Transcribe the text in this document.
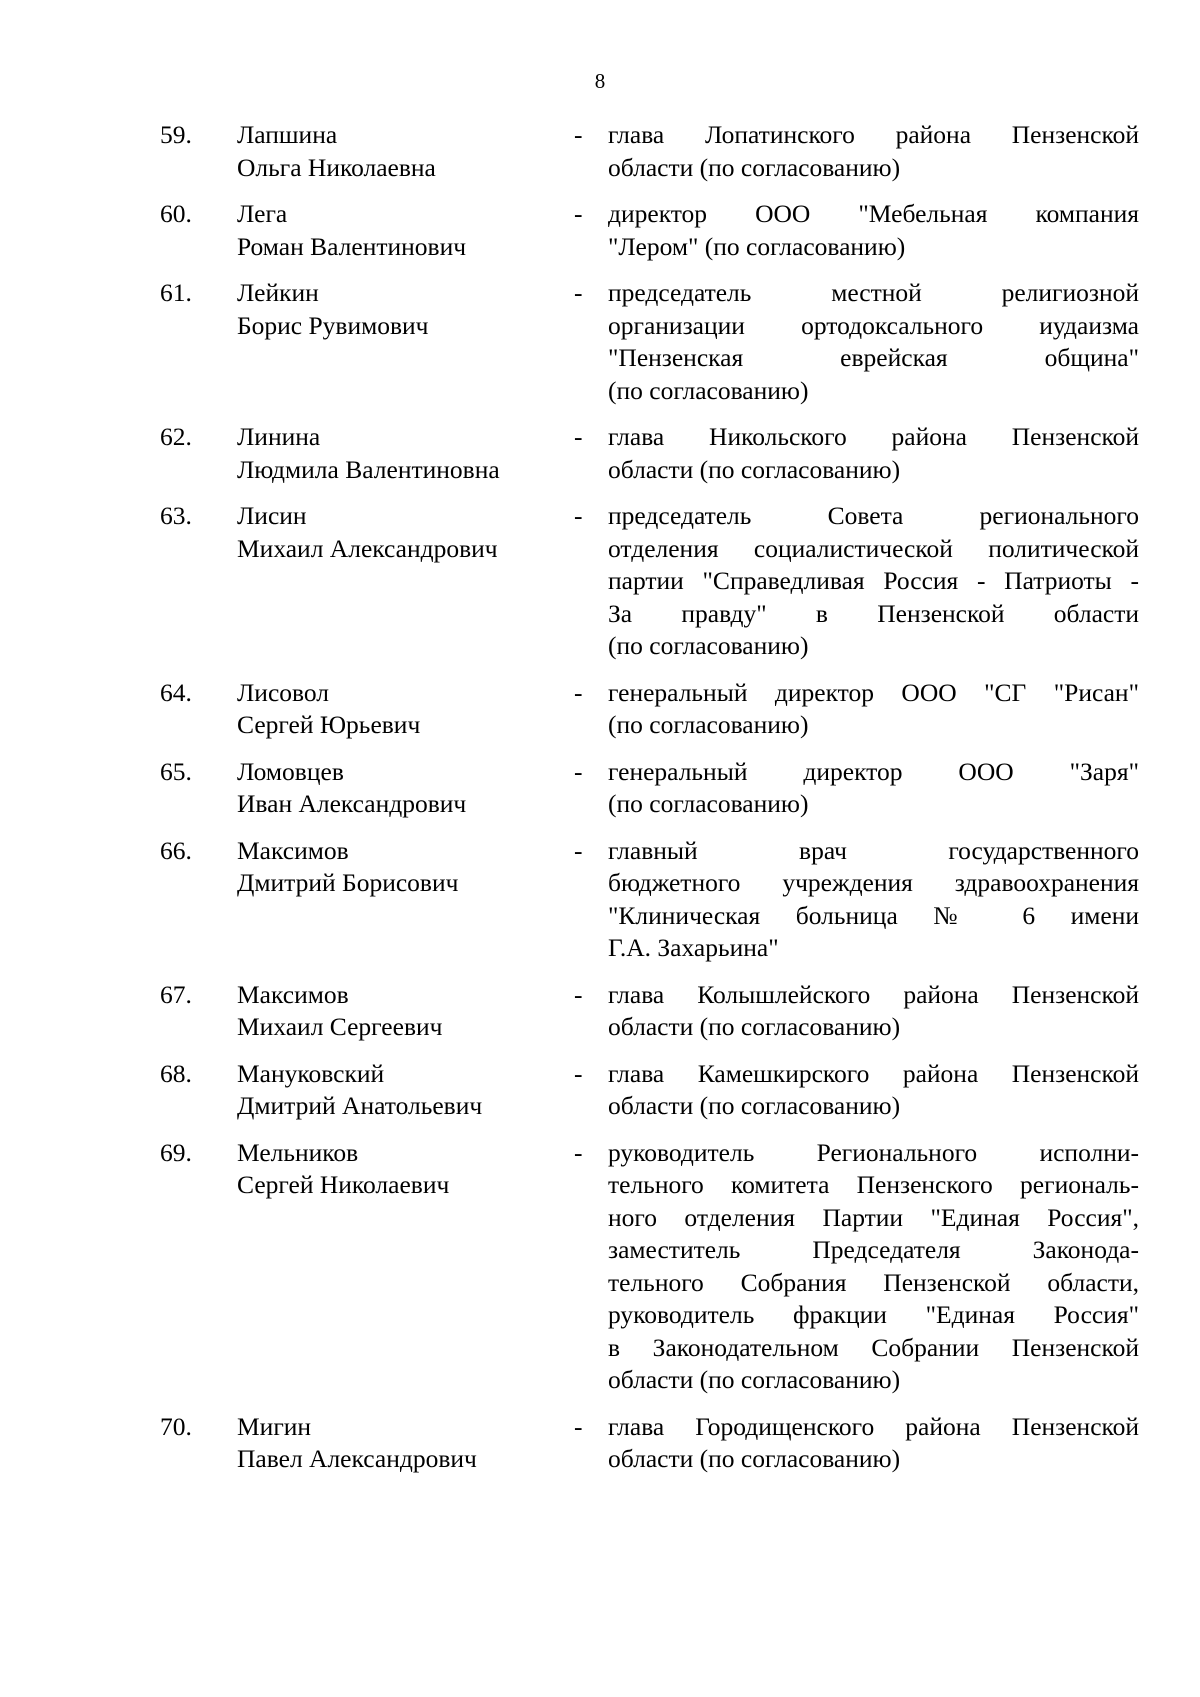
8
59.	Лапшина
Ольга Николаевна
- глава Лопатинского района Пензенской
области (по согласованию)
60.	Лега
Роман Валентинович
- директор ООО "Мебельная компания
"Лером" (по согласованию)
61.	Лейкин
Борис Рувимович
- председатель местной религиозной
организации ортодоксального иудаизма
"Пензенская еврейская община"
(по согласованию)
62.	Линина
Людмила Валентиновна
- глава Никольского района Пензенской
области (по согласованию)
63.	Лисин
Михаил Александрович
- председатель Совета регионального
отделения социалистической политической
партии "Справедливая Россия - Патриоты -
За правду" в Пензенской области
(по согласованию)
64.	Лисовол
Сергей Юрьевич
- генеральный директор ООО "СГ "Рисан"
(по согласованию)
65.	Ломовцев
Иван Александрович
- генеральный директор ООО "Заря"
(по согласованию)
66.	Максимов
Дмитрий Борисович
- главный врач государственного
бюджетного учреждения здравоохранения
"Клиническая больница № 6 имени
Г.А. Захарьина"
67.	Максимов
Михаил Сергеевич
- глава Колышлейского района Пензенской
области (по согласованию)
68.	Мануковский
Дмитрий Анатольевич
- глава Камешкирского района Пензенской
области (по согласованию)
69.	Мельников
Сергей Николаевич
- руководитель Регионального исполни-
тельного комитета Пензенского региональ-
ного отделения Партии "Единая Россия",
заместитель Председателя Законода-
тельного Собрания Пензенской области,
руководитель фракции "Единая Россия"
в Законодательном Собрании Пензенской
области (по согласованию)
70.	Мигин
Павел Александрович
- глава Городищенского района Пензенской
области (по согласованию)
